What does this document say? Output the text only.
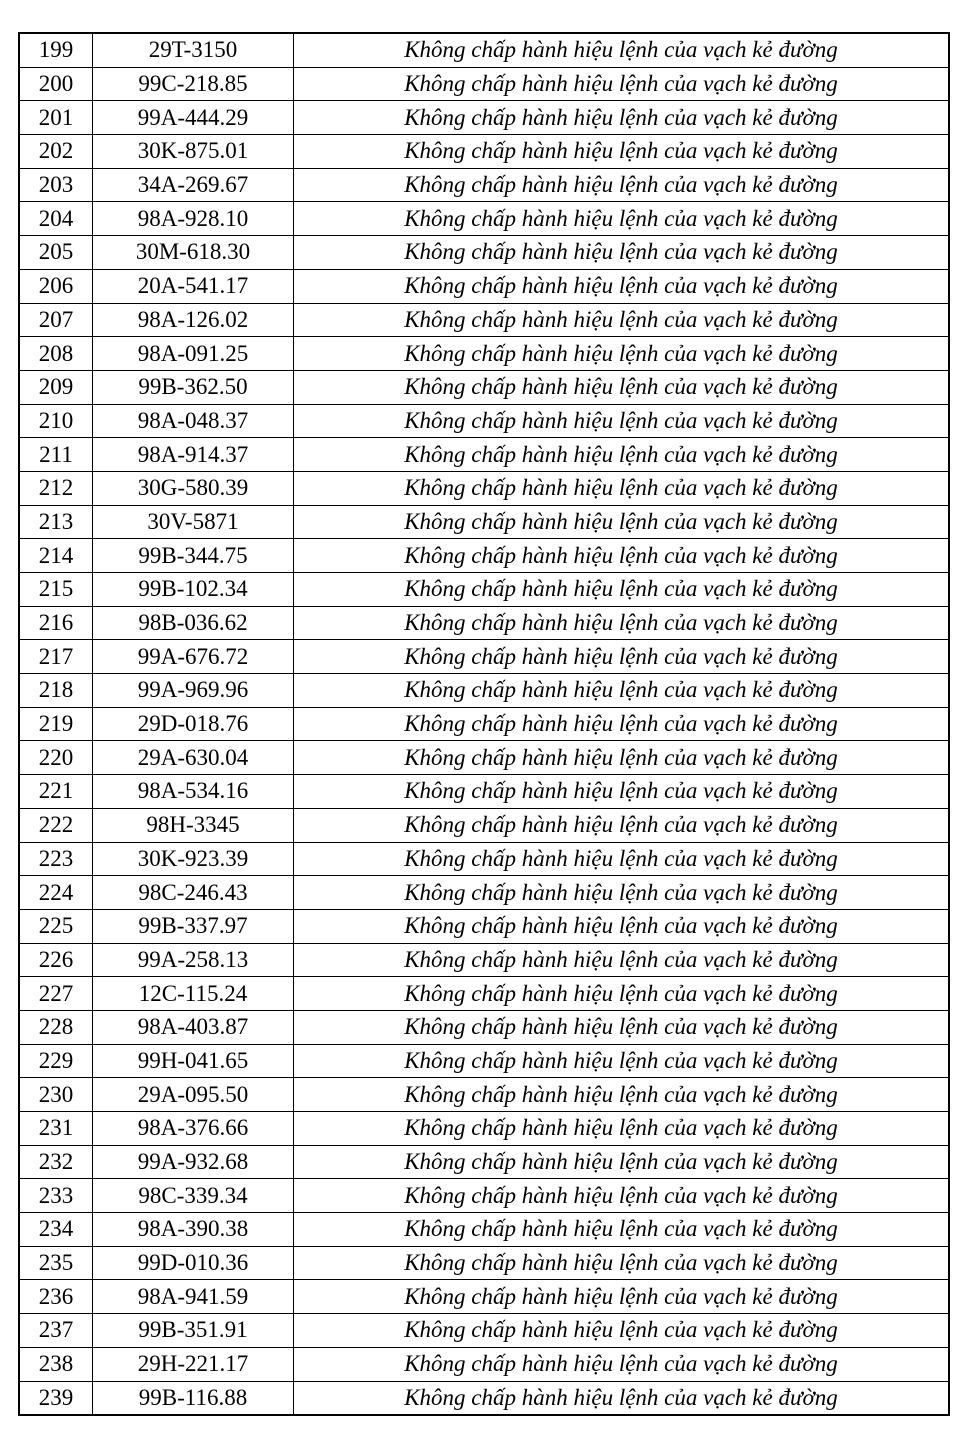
199	29T-3150	Không chấp hành hiệu lệnh của vạch kẻ đường
200	99C-218.85	Không chấp hành hiệu lệnh của vạch kẻ đường
201	99A-444.29	Không chấp hành hiệu lệnh của vạch kẻ đường
202	30K-875.01	Không chấp hành hiệu lệnh của vạch kẻ đường
203	34A-269.67	Không chấp hành hiệu lệnh của vạch kẻ đường
204	98A-928.10	Không chấp hành hiệu lệnh của vạch kẻ đường
205	30M-618.30	Không chấp hành hiệu lệnh của vạch kẻ đường
206	20A-541.17	Không chấp hành hiệu lệnh của vạch kẻ đường
207	98A-126.02	Không chấp hành hiệu lệnh của vạch kẻ đường
208	98A-091.25	Không chấp hành hiệu lệnh của vạch kẻ đường
209	99B-362.50	Không chấp hành hiệu lệnh của vạch kẻ đường
210	98A-048.37	Không chấp hành hiệu lệnh của vạch kẻ đường
211	98A-914.37	Không chấp hành hiệu lệnh của vạch kẻ đường
212	30G-580.39	Không chấp hành hiệu lệnh của vạch kẻ đường
213	30V-5871	Không chấp hành hiệu lệnh của vạch kẻ đường
214	99B-344.75	Không chấp hành hiệu lệnh của vạch kẻ đường
215	99B-102.34	Không chấp hành hiệu lệnh của vạch kẻ đường
216	98B-036.62	Không chấp hành hiệu lệnh của vạch kẻ đường
217	99A-676.72	Không chấp hành hiệu lệnh của vạch kẻ đường
218	99A-969.96	Không chấp hành hiệu lệnh của vạch kẻ đường
219	29D-018.76	Không chấp hành hiệu lệnh của vạch kẻ đường
220	29A-630.04	Không chấp hành hiệu lệnh của vạch kẻ đường
221	98A-534.16	Không chấp hành hiệu lệnh của vạch kẻ đường
222	98H-3345	Không chấp hành hiệu lệnh của vạch kẻ đường
223	30K-923.39	Không chấp hành hiệu lệnh của vạch kẻ đường
224	98C-246.43	Không chấp hành hiệu lệnh của vạch kẻ đường
225	99B-337.97	Không chấp hành hiệu lệnh của vạch kẻ đường
226	99A-258.13	Không chấp hành hiệu lệnh của vạch kẻ đường
227	12C-115.24	Không chấp hành hiệu lệnh của vạch kẻ đường
228	98A-403.87	Không chấp hành hiệu lệnh của vạch kẻ đường
229	99H-041.65	Không chấp hành hiệu lệnh của vạch kẻ đường
230	29A-095.50	Không chấp hành hiệu lệnh của vạch kẻ đường
231	98A-376.66	Không chấp hành hiệu lệnh của vạch kẻ đường
232	99A-932.68	Không chấp hành hiệu lệnh của vạch kẻ đường
233	98C-339.34	Không chấp hành hiệu lệnh của vạch kẻ đường
234	98A-390.38	Không chấp hành hiệu lệnh của vạch kẻ đường
235	99D-010.36	Không chấp hành hiệu lệnh của vạch kẻ đường
236	98A-941.59	Không chấp hành hiệu lệnh của vạch kẻ đường
237	99B-351.91	Không chấp hành hiệu lệnh của vạch kẻ đường
238	29H-221.17	Không chấp hành hiệu lệnh của vạch kẻ đường
239	99B-116.88	Không chấp hành hiệu lệnh của vạch kẻ đường
